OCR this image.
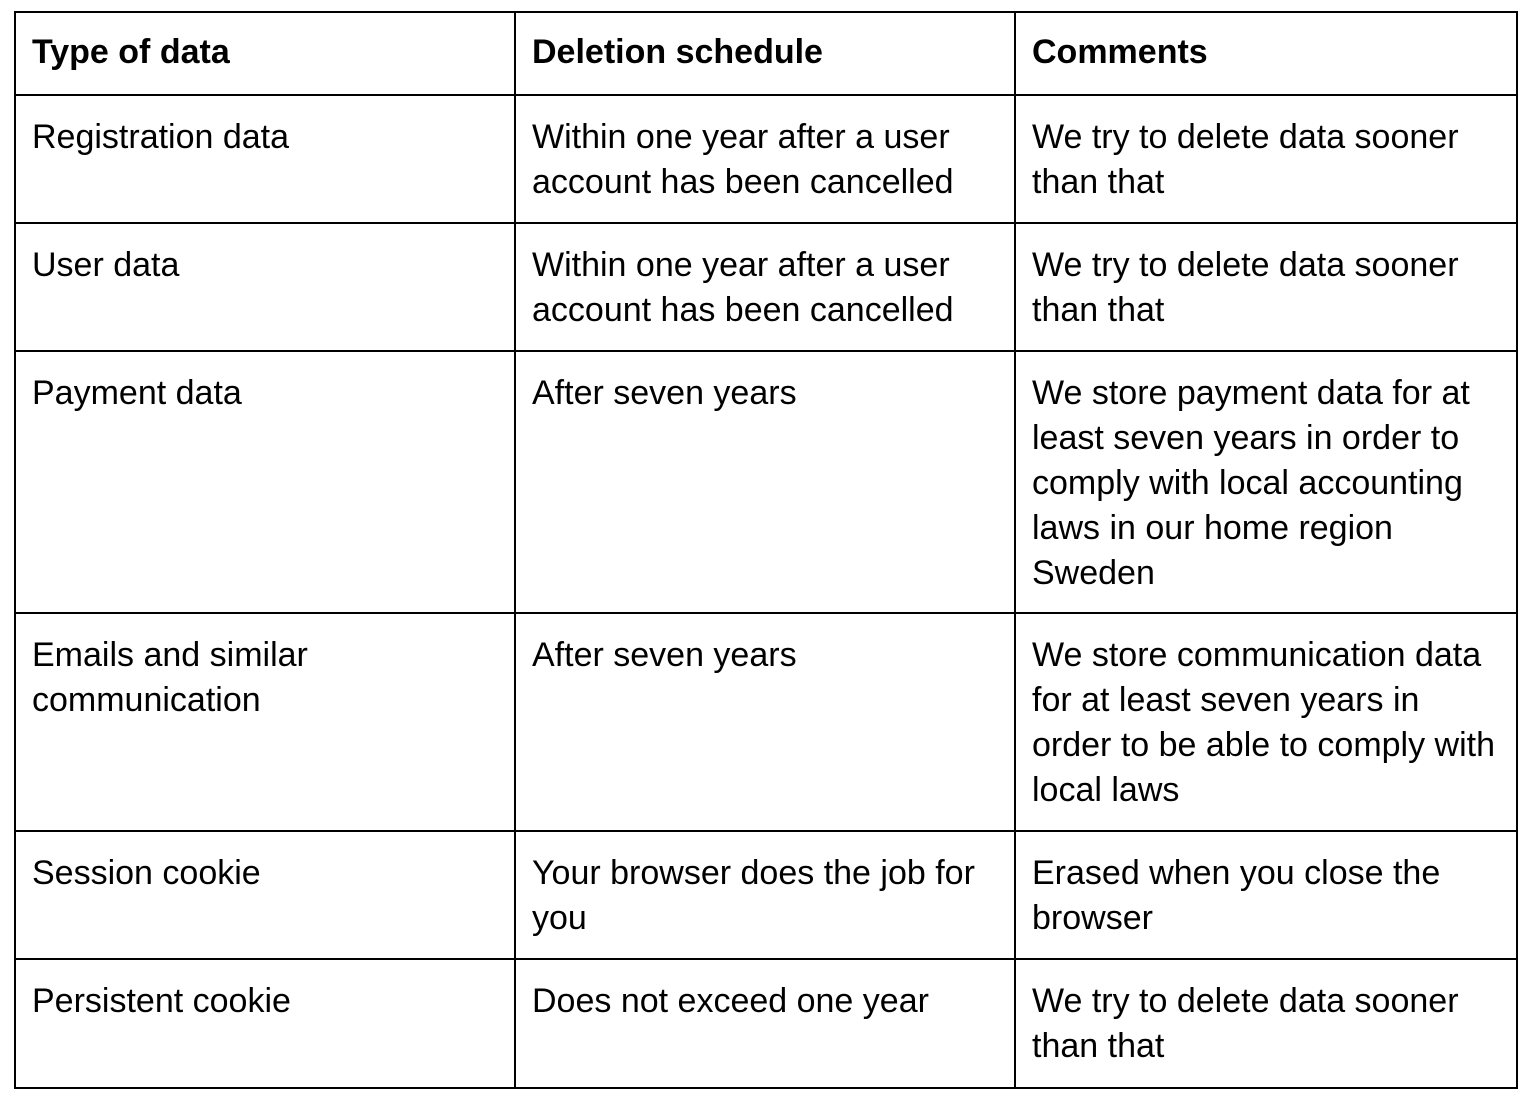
Type of data	Deletion schedule	Comments
Registration data	Within one year after a user account has been cancelled	We try to delete data sooner than that
User data	Within one year after a user account has been cancelled	We try to delete data sooner than that
Payment data	After seven years	We store payment data for at least seven years in order to comply with local accounting laws in our home region Sweden
Emails and similar communication	After seven years	We store communication data for at least seven years in order to be able to comply with local laws
Session cookie	Your browser does the job for you	Erased when you close the browser
Persistent cookie	Does not exceed one year	We try to delete data sooner than that
